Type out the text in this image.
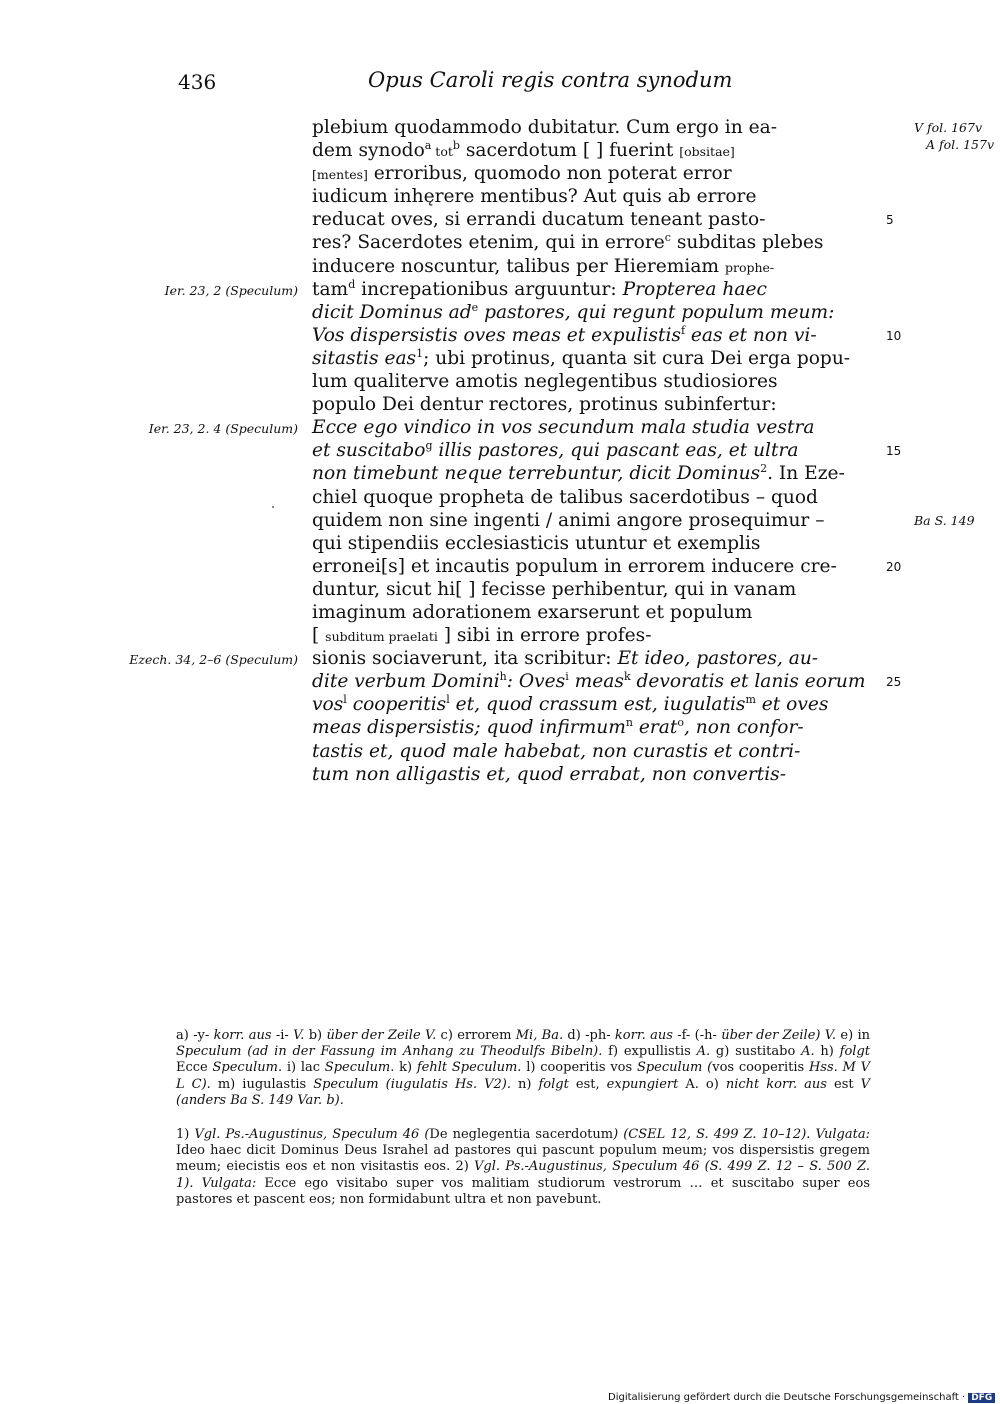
436	Opus Caroli regis contra synodum
plebium quodammodo dubitatur. Cum ergo in ea-
dem synodo$^a$ tot$^b$ sacerdotum [ ] fuerint [obsitae]
[mentes] erroribus, quomodo non poterat error
iudicum inhęrere mentibus? Aut quis ab errore
reducat oves, si errandi ducatum teneant pasto-	5
res? Sacerdotes etenim, qui in errore$^c$ subditas plebes
inducere noscuntur, talibus per Hieremiam prophe-
tam$^d$ increpationibus arguuntur: Propterea haec
dicit Dominus $ad^e$ pastores, qui regunt populum meum:
Vos dispersistis oves meas et expulistis$^f$ eas et non vi-	10
sitastis eas$^1$; ubi protinus, quanta sit cura Dei erga popu-
lum qualiterve amotis neglegentibus studiosiores
populo Dei dentur rectores, protinus subinfertur:
Ecce ego vindico in vos secundum mala studia vestra
et suscitabo$^g$ illis pastores, qui pascant eas, et ultra	15
non timebunt neque terrebuntur, dicit Dominus$^2$. In Eze-
chiel quoque propheta de talibus sacerdotibus – quod
quidem non sine ingenti / animi angore prosequimur –
qui stipendiis ecclesiasticis utuntur et exemplis
erronei[s] et incautis populum in errorem inducere cre-	20
duntur, sicut hi[ ] fecisse perhibentur, qui in vanam
imaginum adorationem exarserunt et populum
[ subditum praelati ] sibi in errore profes-
sionis sociaverunt, ita scribitur: Et ideo, pastores, au-
dite verbum Domini$^h$: Oves$^i$ meas$^k$ devoratis et lanis eorum 25
vos$^l$ cooperitis$^l$ et, quod crassum est, iugulatis$^m$ et oves
meas dispersistis; quod infirmum$^n$ erat$^o$, non confor-
tastis et, quod male habebat, non curastis et contri-
tum non alligastis et, quod errabat, non convertis-
Ier. 23, 2 (Speculum)
Ier. 23, 2. 4 (Speculum)
Ezech. 34, 2–6 (Speculum)
V fol. 167v
A fol. 157v
Ba S. 149

a) -y- korr. aus -i- V. b) über der Zeile V. c) errorem Mi, Ba. d) -ph- korr. aus -f- (-h- über der Zeile) V. e) in Speculum (ad in der Fassung im Anhang zu Theodulfs Bibeln). f) expullistis A. g) sustitabo A. h) folgt Ecce Speculum. i) lac Speculum. k) fehlt Speculum. l) cooperitis vos Speculum (vos cooperitis Hss. M V L C). m) iugulastis Speculum (iugulatis Hs. V2). n) folgt est, expungiert A. o) nicht korr. aus est V (anders Ba S. 149 Var. b).

1) Vgl. Ps.-Augustinus, Speculum 46 (De neglegentia sacerdotum) (CSEL 12, S. 499 Z. 10–12). Vulgata: Ideo haec dicit Dominus Deus Israhel ad pastores qui pascunt populum meum; vos dispersistis gregem meum; eiecistis eos et non visitastis eos. 2) Vgl. Ps.-Augustinus, Speculum 46 (S. 499 Z. 12 – S. 500 Z. 1). Vulgata: Ecce ego visitabo super vos malitiam studiorum vestrorum … et suscitabo super eos pastores et pascent eos; non formidabunt ultra et non pavebunt.

Digitalisierung gefördert durch die Deutsche Forschungsgemeinschaft · DFG
